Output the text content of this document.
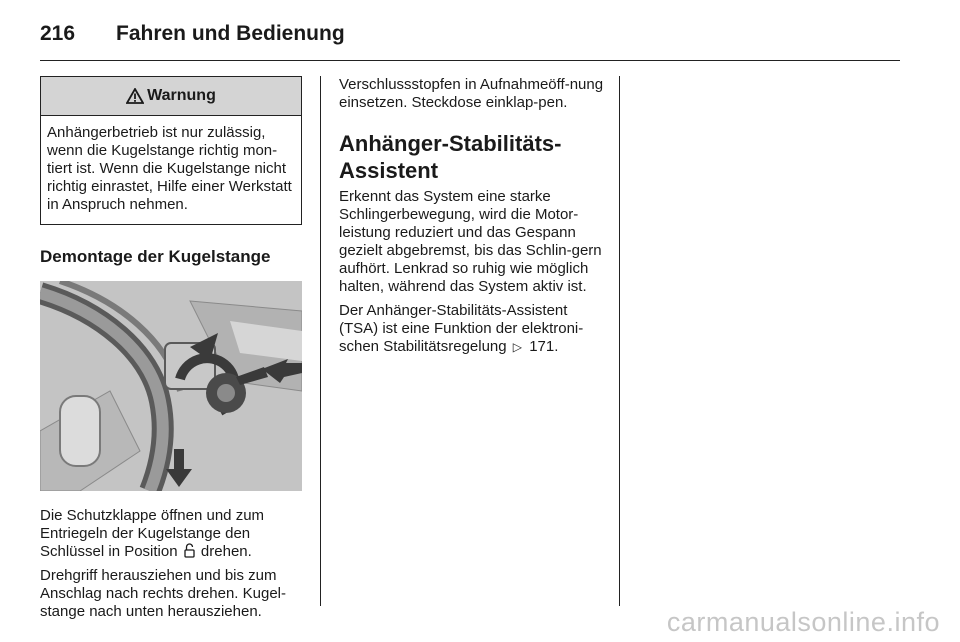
216 Fahren und Bedienung
Warnung
Anhängerbetrieb ist nur zulässig, wenn die Kugelstange richtig mon-tiert ist. Wenn die Kugelstange nicht richtig einrastet, Hilfe einer Werkstatt in Anspruch nehmen.
Demontage der Kugelstange

Die Schutzklappe öffnen und zum Entriegeln der Kugelstange den Schlüssel in Position drehen.

Drehgriff herausziehen und bis zum Anschlag nach rechts drehen. Kugel-stange nach unten herausziehen.

Verschlussstopfen in Aufnahmeöff-nung einsetzen. Steckdose einklap-pen.

Anhänger-Stabilitäts-Assistent

Erkennt das System eine starke Schlingerbewegung, wird die Motor-leistung reduziert und das Gespann gezielt abgebremst, bis das Schlin-gern aufhört. Lenkrad so ruhig wie möglich halten, während das System aktiv ist.

Der Anhänger-Stabilitäts-Assistent (TSA) ist eine Funktion der elektroni-schen Stabilitätsregelung ▷ 171.

carmanualsonline.info
